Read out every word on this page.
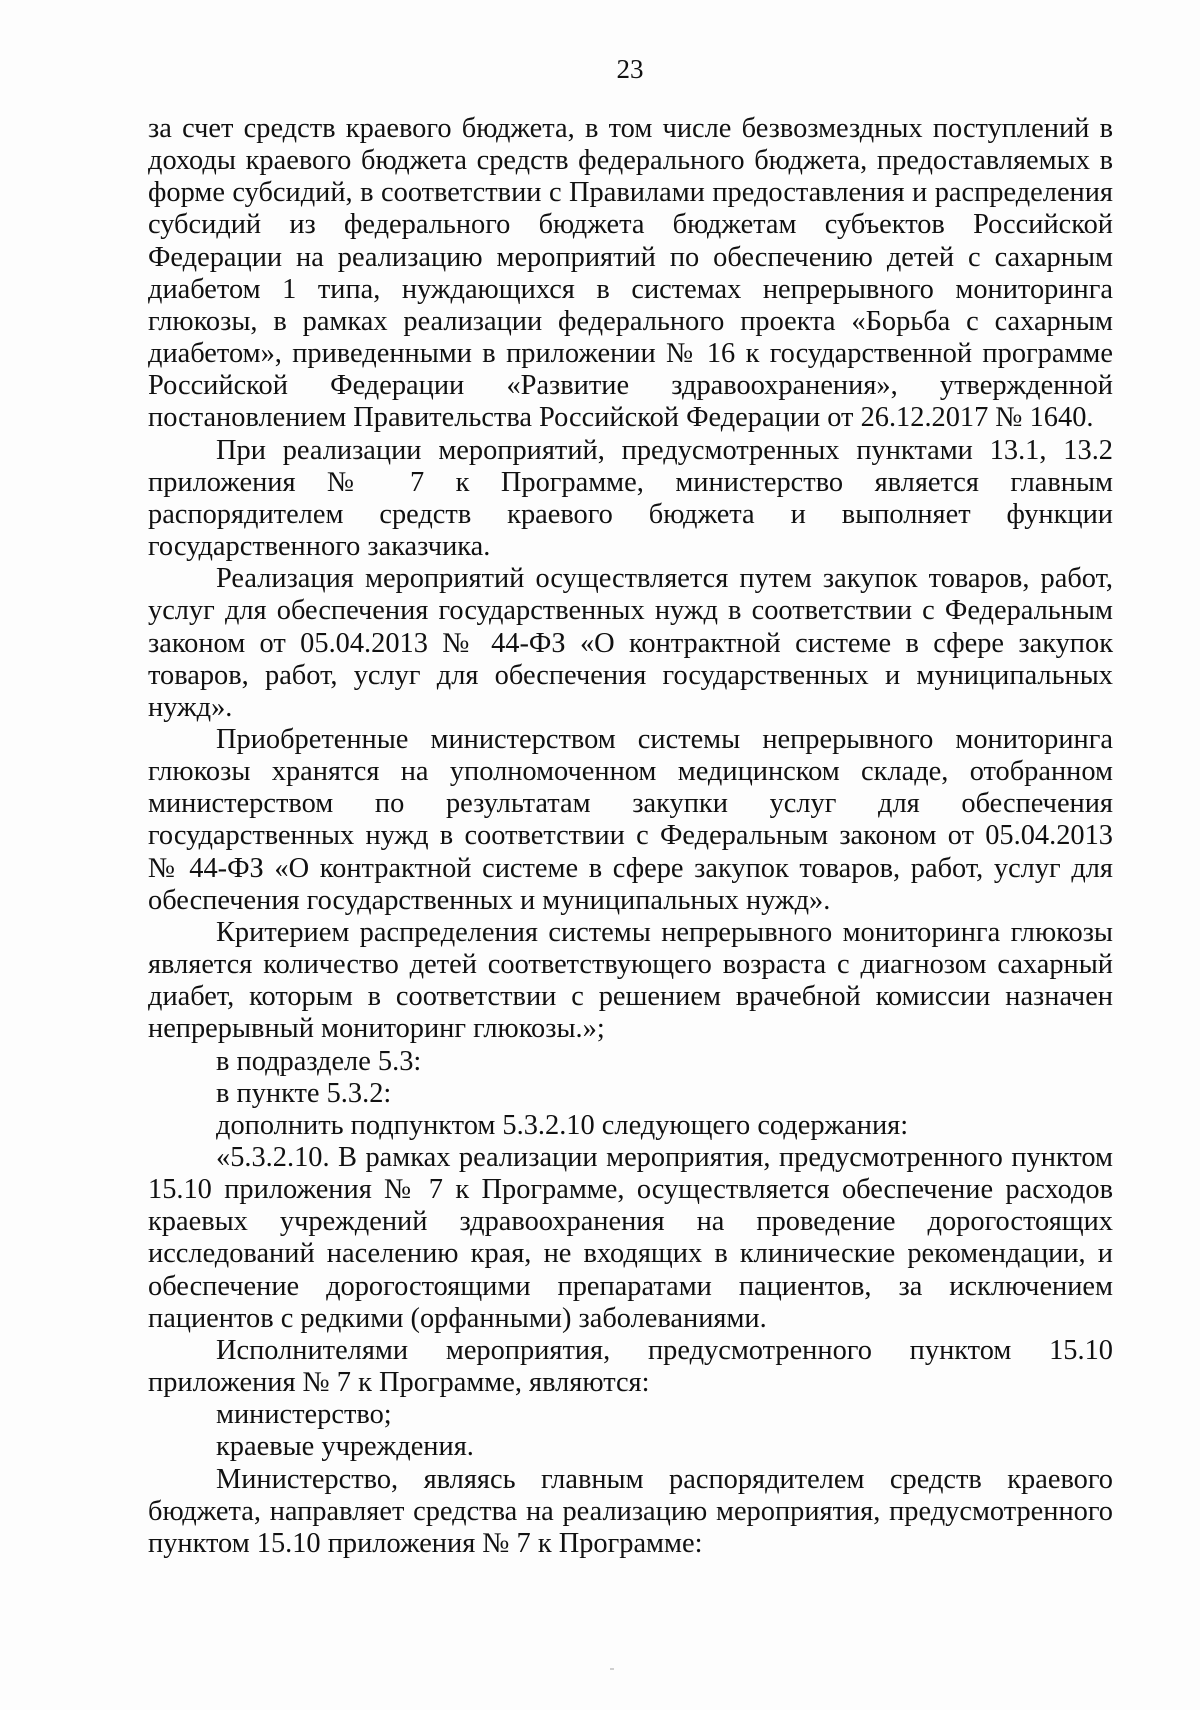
23

за счет средств краевого бюджета, в том числе безвозмездных поступлений в доходы краевого бюджета средств федерального бюджета, предоставляемых в форме субсидий, в соответствии с Правилами предоставления и распределения субсидий из федерального бюджета бюджетам субъектов Российской Федерации на реализацию мероприятий по обеспечению детей с сахарным диабетом 1 типа, нуждающихся в системах непрерывного мониторинга глюкозы, в рамках реализации федерального проекта «Борьба с сахарным диабетом», приведенными в приложении № 16 к государственной программе Российской Федерации «Развитие здравоохранения», утвержденной постановлением Правительства Российской Федерации от 26.12.2017 № 1640.

При реализации мероприятий, предусмотренных пунктами 13.1, 13.2 приложения № 7 к Программе, министерство является главным распорядителем средств краевого бюджета и выполняет функции государственного заказчика.

Реализация мероприятий осуществляется путем закупок товаров, работ, услуг для обеспечения государственных нужд в соответствии с Федеральным законом от 05.04.2013 № 44-ФЗ «О контрактной системе в сфере закупок товаров, работ, услуг для обеспечения государственных и муниципальных нужд».

Приобретенные министерством системы непрерывного мониторинга глюкозы хранятся на уполномоченном медицинском складе, отобранном министерством по результатам закупки услуг для обеспечения государственных нужд в соответствии с Федеральным законом от 05.04.2013 № 44-ФЗ «О контрактной системе в сфере закупок товаров, работ, услуг для обеспечения государственных и муниципальных нужд».

Критерием распределения системы непрерывного мониторинга глюкозы является количество детей соответствующего возраста с диагнозом сахарный диабет, которым в соответствии с решением врачебной комиссии назначен непрерывный мониторинг глюкозы.»;

в подразделе 5.3:

в пункте 5.3.2:

дополнить подпунктом 5.3.2.10 следующего содержания:

«5.3.2.10. В рамках реализации мероприятия, предусмотренного пунктом 15.10 приложения № 7 к Программе, осуществляется обеспечение расходов краевых учреждений здравоохранения на проведение дорогостоящих исследований населению края, не входящих в клинические рекомендации, и обеспечение дорогостоящими препаратами пациентов, за исключением пациентов с редкими (орфанными) заболеваниями.

Исполнителями мероприятия, предусмотренного пунктом 15.10 приложения № 7 к Программе, являются:

министерство;

краевые учреждения.

Министерство, являясь главным распорядителем средств краевого бюджета, направляет средства на реализацию мероприятия, предусмотренного пунктом 15.10 приложения № 7 к Программе:
